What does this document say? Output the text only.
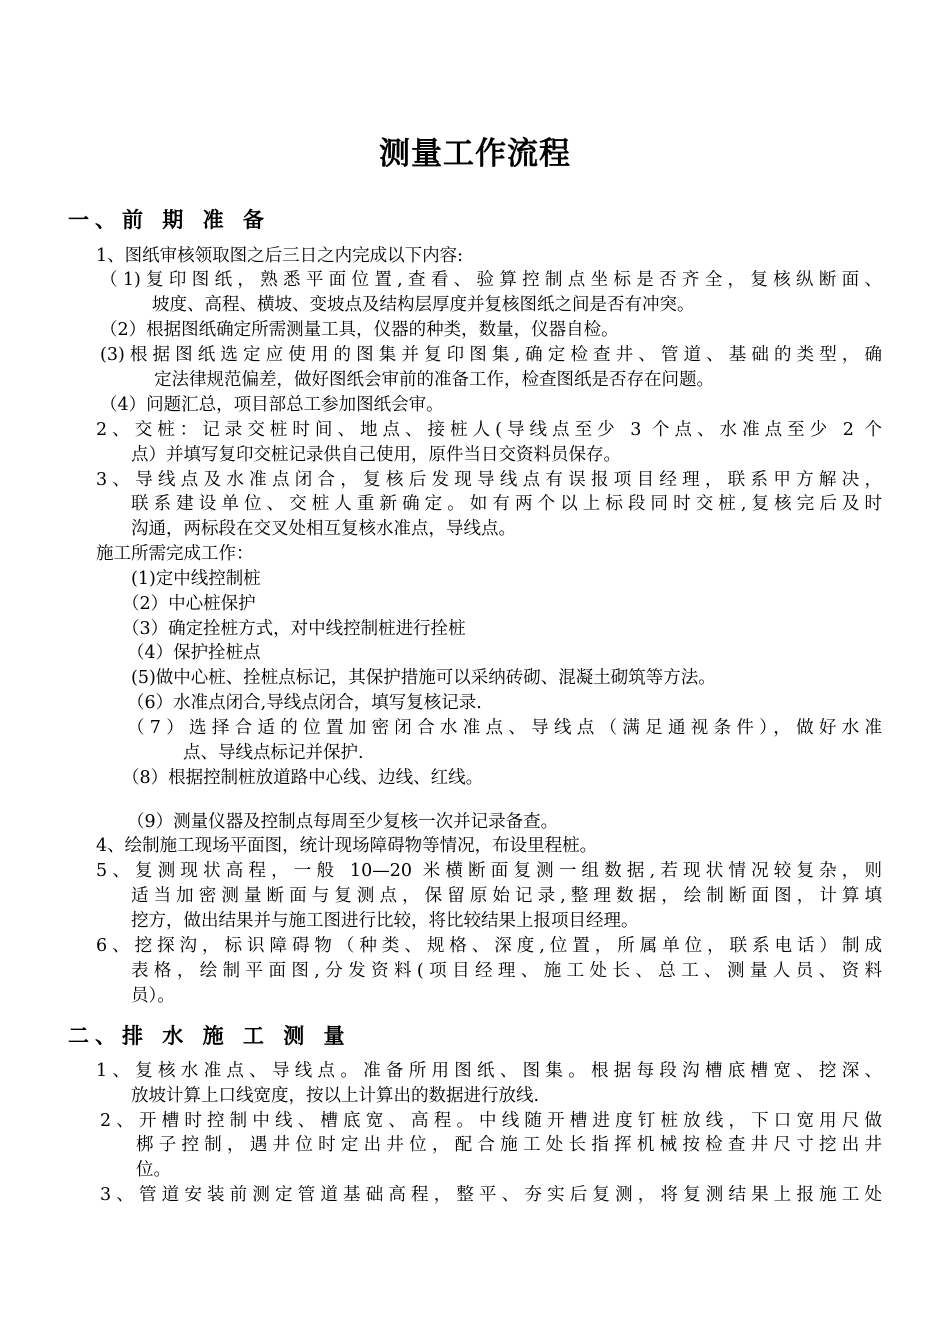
测量工作流程
一、前 期 准 备
1、图纸审核领取图之后三日之内完成以下内容:
（1)复印图纸，熟悉平面位置,查看、验算控制点坐标是否齐全，复核纵断面、
坡度、高程、横坡、变坡点及结构层厚度并复核图纸之间是否有冲突。
（2）根据图纸确定所需测量工具，仪器的种类，数量，仪器自检。
(3)根据图纸选定应使用的图集并复印图集,确定检查井、管道、基础的类型，确
定法律规范偏差，做好图纸会审前的准备工作，检查图纸是否存在问题。
（4）问题汇总，项目部总工参加图纸会审。
2、交桩：记录交桩时间、地点、接桩人(导线点至少 3 个点、水准点至少 2 个
点）并填写复印交桩记录供自己使用，原件当日交资料员保存。
3、导线点及水准点闭合，复核后发现导线点有误报项目经理，联系甲方解决，
联系建设单位、交桩人重新确定。如有两个以上标段同时交桩,复核完后及时
沟通，两标段在交叉处相互复核水准点，导线点。
施工所需完成工作：
(1)定中线控制桩
（2）中心桩保护
（3）确定拴桩方式，对中线控制桩进行拴桩
（4）保护拴桩点
(5)做中心桩、拴桩点标记，其保护措施可以采纳砖砌、混凝土砌筑等方法。
（6）水准点闭合,导线点闭合，填写复核记录.
（7）选择合适的位置加密闭合水准点、导线点（满足通视条件），做好水准
点、导线点标记并保护.
（8）根据控制桩放道路中心线、边线、红线。
（9）测量仪器及控制点每周至少复核一次并记录备查。
4、绘制施工现场平面图，统计现场障碍物等情况，布设里程桩。
5、复测现状高程，一般 10—20 米横断面复测一组数据,若现状情况较复杂，则
适当加密测量断面与复测点，保留原始记录,整理数据，绘制断面图，计算填
挖方，做出结果并与施工图进行比较，将比较结果上报项目经理。
6、挖探沟，标识障碍物（种类、规格、深度,位置，所属单位，联系电话）制成
表格，绘制平面图,分发资料(项目经理、施工处长、总工、测量人员、资料
员）。
二、排 水 施 工 测 量
1、复核水准点、导线点。准备所用图纸、图集。根据每段沟槽底槽宽、挖深、
放坡计算上口线宽度，按以上计算出的数据进行放线.
2、开槽时控制中线、槽底宽、高程。中线随开槽进度钉桩放线，下口宽用尺做
梆子控制，遇井位时定出井位，配合施工处长指挥机械按检查井尺寸挖出井
位。
3、管道安装前测定管道基础高程，整平、夯实后复测，将复测结果上报施工处
